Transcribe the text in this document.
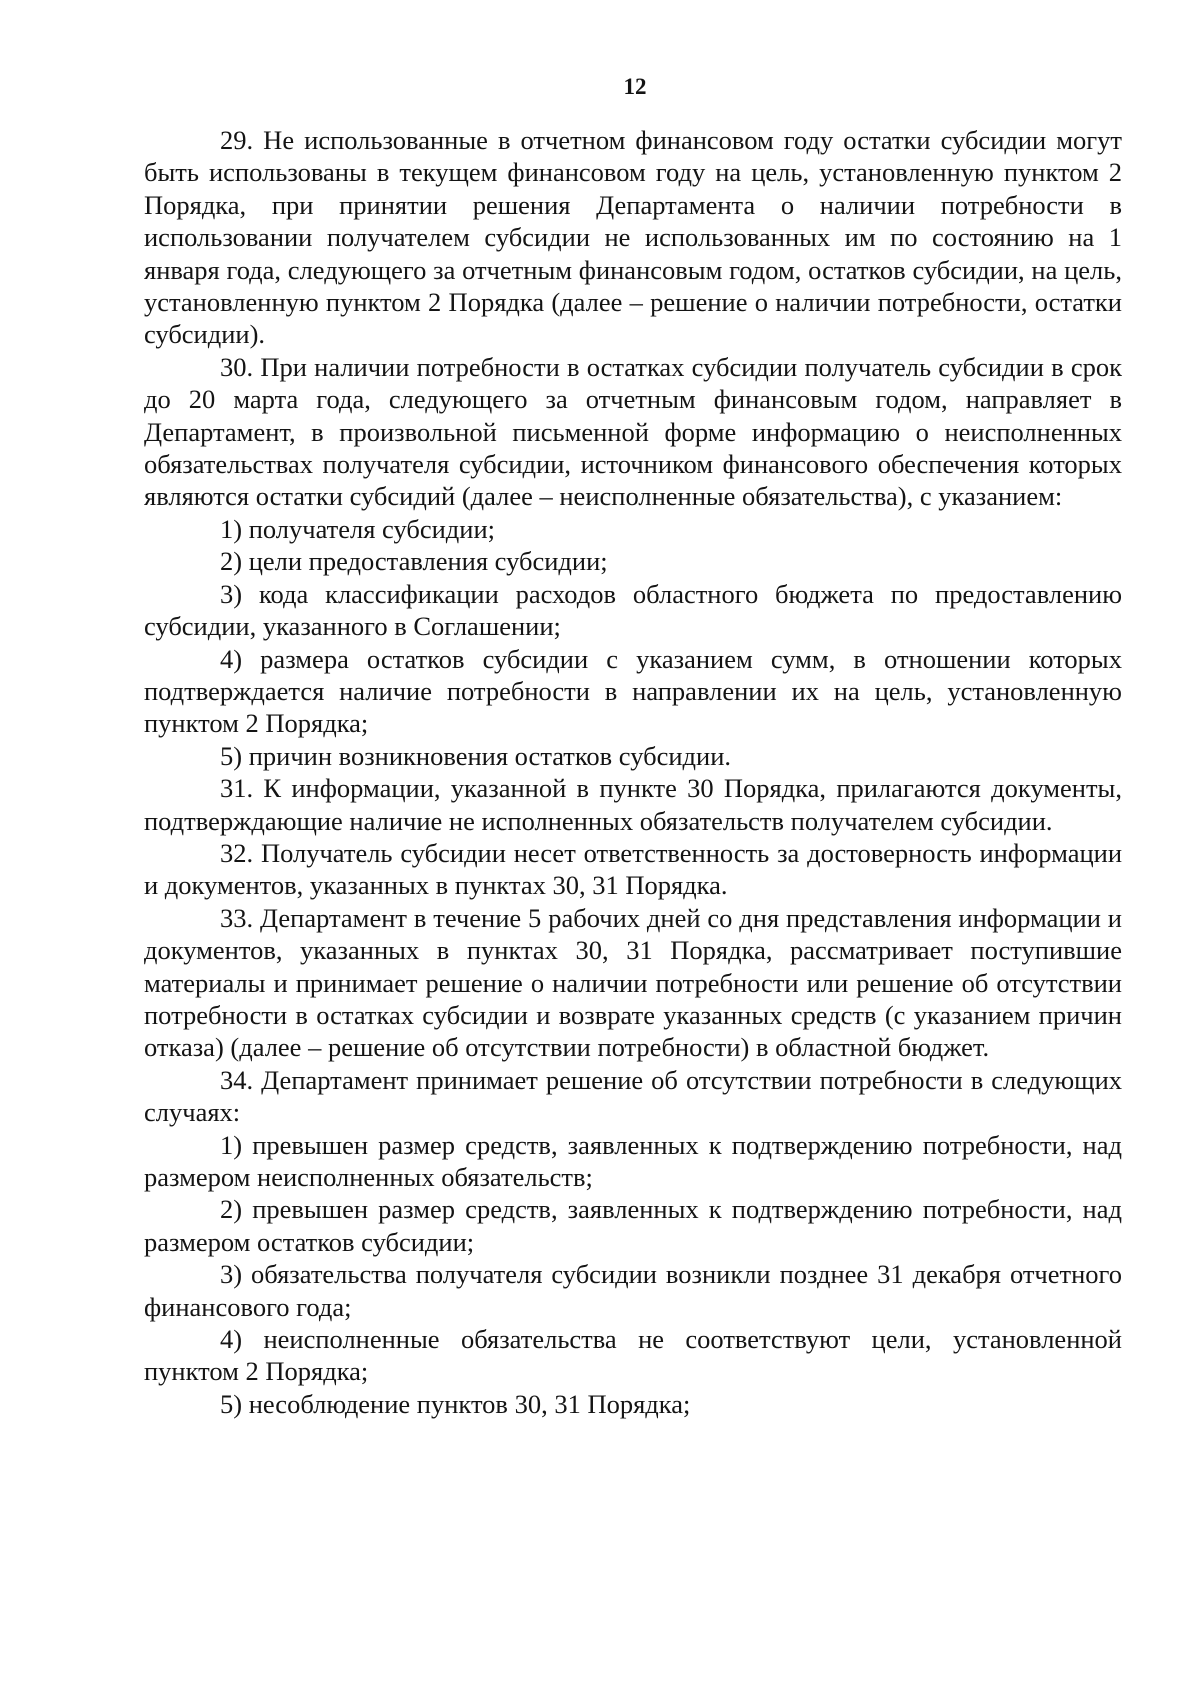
12

29. Не использованные в отчетном финансовом году остатки субсидии могут быть использованы в текущем финансовом году на цель, установленную пунктом 2 Порядка, при принятии решения Департамента о наличии потребности в использовании получателем субсидии не использованных им по состоянию на 1 января года, следующего за отчетным финансовым годом, остатков субсидии, на цель, установленную пунктом 2 Порядка (далее – решение о наличии потребности, остатки субсидии).

30. При наличии потребности в остатках субсидии получатель субсидии в срок до 20 марта года, следующего за отчетным финансовым годом, направляет в Департамент, в произвольной письменной форме информацию о неисполненных обязательствах получателя субсидии, источником финансового обеспечения которых являются остатки субсидий (далее – неисполненные обязательства), с указанием:

1) получателя субсидии;

2) цели предоставления субсидии;

3) кода классификации расходов областного бюджета по предоставлению субсидии, указанного в Соглашении;

4) размера остатков субсидии с указанием сумм, в отношении которых подтверждается наличие потребности в направлении их на цель, установленную пунктом 2 Порядка;

5) причин возникновения остатков субсидии.

31. К информации, указанной в пункте 30 Порядка, прилагаются документы, подтверждающие наличие не исполненных обязательств получателем субсидии.

32. Получатель субсидии несет ответственность за достоверность информации и документов, указанных в пунктах 30, 31 Порядка.

33. Департамент в течение 5 рабочих дней со дня представления информации и документов, указанных в пунктах 30, 31 Порядка, рассматривает поступившие материалы и принимает решение о наличии потребности или решение об отсутствии потребности в остатках субсидии и возврате указанных средств (с указанием причин отказа) (далее – решение об отсутствии потребности) в областной бюджет.

34. Департамент принимает решение об отсутствии потребности в следующих случаях:

1) превышен размер средств, заявленных к подтверждению потребности, над размером неисполненных обязательств;

2) превышен размер средств, заявленных к подтверждению потребности, над размером остатков субсидии;

3) обязательства получателя субсидии возникли позднее 31 декабря отчетного финансового года;

4) неисполненные обязательства не соответствуют цели, установленной пунктом 2 Порядка;

5) несоблюдение пунктов 30, 31 Порядка;
